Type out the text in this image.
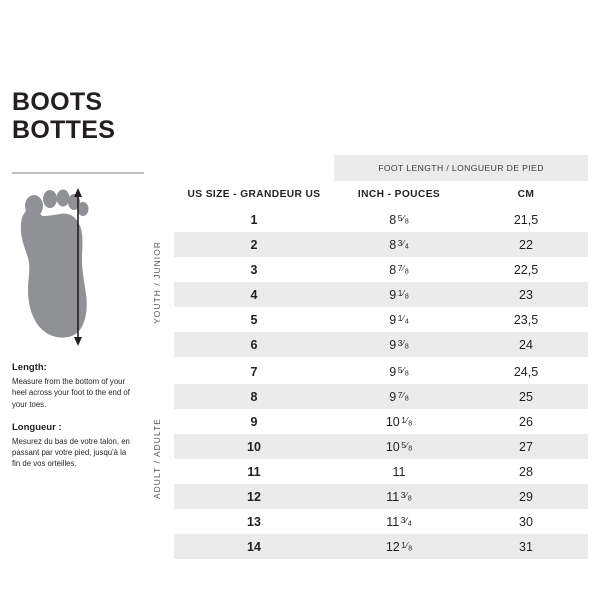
BOOTS
BOTTES
Length:
Measure from the bottom of your heel across your foot to the end of your toes.
Longueur :
Mesurez du bas de votre talon, en passant par votre pied, jusqu'à la fin de vos orteilles.
		FOOT LENGTH / LONGUEUR DE PIED	
	US SIZE - GRANDEUR US	INCH - POUCES	CM

YOUTH / JUNIOR	1	8 $5⁄_8$	21,5
	2	8 $3⁄_4$	22
	3	8 $7⁄_8$	22,5
	4	9 $1⁄_8$	23
	5	9 $1⁄_4$	23,5
	6	9 $3⁄_8$	24

ADULT / ADULTE	7	9 $5⁄_8$	24,5
	8	9 $7⁄_8$	25
	9	10 $1⁄_8$	26
	10	10 $5⁄_8$	27
	11	11	28
	12	11 $3⁄_8$	29
	13	11 $3⁄_4$	30
	14	12 $1⁄_8$	31
